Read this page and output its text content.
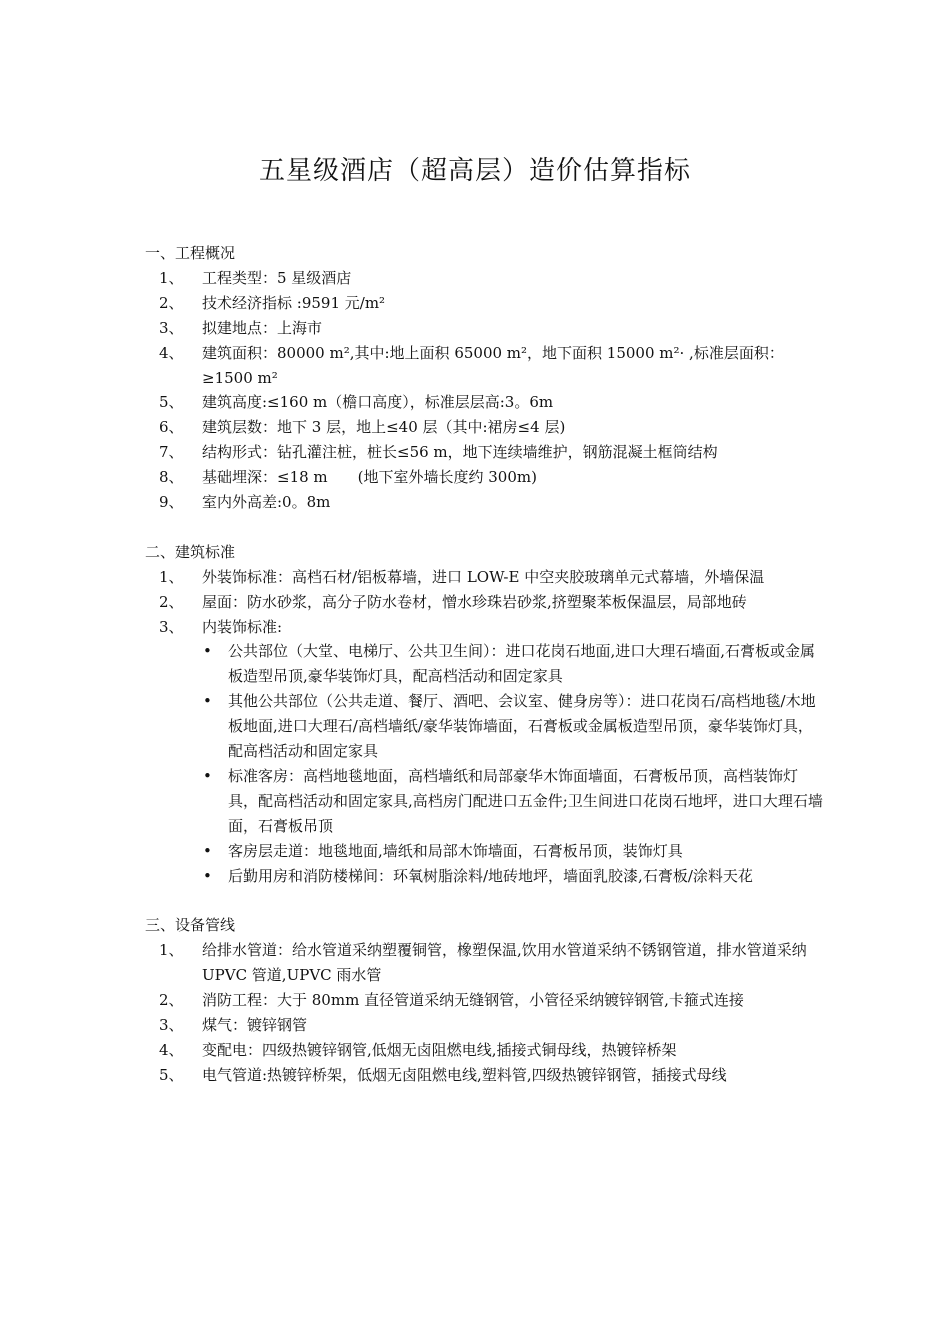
五星级酒店（超高层）造价估算指标
一、工程概况
1、 工程类型：5 星级酒店
2、 技术经济指标 :9591 元/m²
3、 拟建地点：上海市
4、 建筑面积：80000 m²,其中:地上面积 65000 m²，地下面积 15000 m²· ,标准层面积：≥1500 m²
5、 建筑高度:≤160 m（檐口高度），标准层层高:3。6m
6、 建筑层数：地下 3 层，地上≤40 层（其中:裙房≤4 层)
7、 结构形式：钻孔灌注桩，桩长≤56 m，地下连续墙维护，钢筋混凝土框筒结构
8、 基础埋深：≤18 m　　(地下室外墙长度约 300m)
9、 室内外高差:0。8m
二、建筑标准
1、 外装饰标准：高档石材/铝板幕墙，进口 LOW-E 中空夹胶玻璃单元式幕墙，外墙保温
2、 屋面：防水砂浆，高分子防水卷材，憎水珍珠岩砂浆,挤塑聚苯板保温层，局部地砖
3、 内装饰标准:
• 公共部位（大堂、电梯厅、公共卫生间）：进口花岗石地面,进口大理石墙面,石膏板或金属板造型吊顶,豪华装饰灯具，配高档活动和固定家具
• 其他公共部位（公共走道、餐厅、酒吧、会议室、健身房等）：进口花岗石/高档地毯/木地板地面,进口大理石/高档墙纸/豪华装饰墙面，石膏板或金属板造型吊顶，豪华装饰灯具，配高档活动和固定家具
• 标准客房：高档地毯地面，高档墙纸和局部豪华木饰面墙面，石膏板吊顶，高档装饰灯具，配高档活动和固定家具,高档房门配进口五金件;卫生间进口花岗石地坪，进口大理石墙面，石膏板吊顶
• 客房层走道：地毯地面,墙纸和局部木饰墙面，石膏板吊顶，装饰灯具
• 后勤用房和消防楼梯间：环氧树脂涂料/地砖地坪，墙面乳胶漆,石膏板/涂料天花
三、设备管线
1、 给排水管道：给水管道采纳塑覆铜管，橡塑保温,饮用水管道采纳不锈钢管道，排水管道采纳 UPVC 管道,UPVC 雨水管
2、 消防工程：大于 80mm 直径管道采纳无缝钢管，小管径采纳镀锌钢管,卡箍式连接
3、 煤气：镀锌钢管
4、 变配电：四级热镀锌钢管,低烟无卤阻燃电线,插接式铜母线，热镀锌桥架
5、 电气管道:热镀锌桥架，低烟无卤阻燃电线,塑料管,四级热镀锌钢管，插接式母线
